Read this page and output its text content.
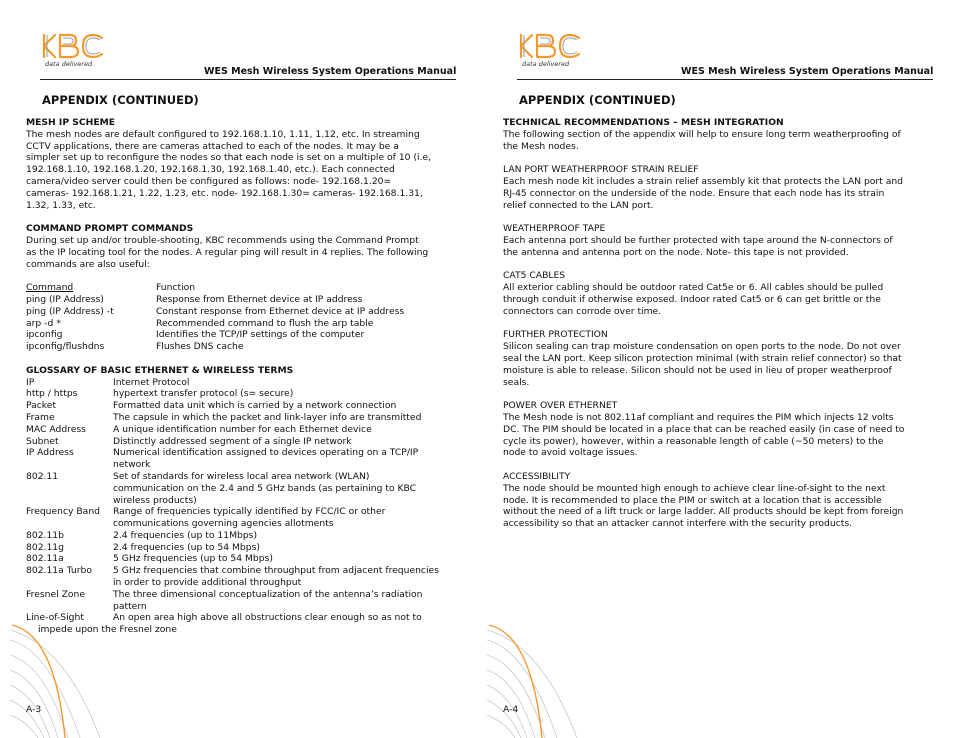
data delivered
WES Mesh Wireless System Operations Manual
APPENDIX (CONTINUED)
MESH IP SCHEME

The mesh nodes are default configured to 192.168.1.10, 1.11, 1.12, etc. In streaming

CCTV applications, there are cameras attached to each of the nodes. It may be a

simpler set up to reconfigure the nodes so that each node is set on a multiple of 10 (i.e,

192.168.1.10, 192.168.1.20, 192.168.1.30, 192.168.1.40, etc.). Each connected

camera/video server could then be configured as follows: node- 192.168.1.20=

cameras- 192.168.1.21, 1.22, 1.23, etc. node- 192.168.1.30= cameras- 192.168.1.31,

1.32, 1.33, etc.

COMMAND PROMPT COMMANDS

During set up and/or trouble-shooting, KBC recommends using the Command Prompt

as the IP locating tool for the nodes. A regular ping will result in 4 replies. The following

commands are also useful:

Command	Function
ping (IP Address)	Response from Ethernet device at IP address
ping (IP Address) -t	Constant response from Ethernet device at IP address
arp -d *	Recommended command to flush the arp table
ipconfig	Identifies the TCP/IP settings of the computer
ipconfig/flushdns	Flushes DNS cache
GLOSSARY OF BASIC ETHERNET & WIRELESS TERMS
IP	Internet Protocol
http / https	hypertext transfer protocol (s= secure)
Packet	Formatted data unit which is carried by a network connection
Frame	The capsule in which the packet and link-layer info are transmitted
MAC Address	A unique identification number for each Ethernet device
Subnet	Distinctly addressed segment of a single IP network
IP Address	Numerical identification assigned to devices operating on a TCP/IP network
802.11	Set of standards for wireless local area network (WLAN) communication on the 2.4 and 5 GHz bands (as pertaining to KBC wireless products)
Frequency Band	Range of frequencies typically identified by FCC/IC or other communications governing agencies allotments
802.11b	2.4 frequencies (up to 11Mbps)
802.11g	2.4 frequencies (up to 54 Mbps)
802.11a	5 GHz frequencies (up to 54 Mbps)
802.11a Turbo	5 GHz frequencies that combine throughput from adjacent frequencies in order to provide additional throughput
Fresnel Zone	The three dimensional conceptualization of the antenna’s radiation pattern
Line-of-Sight	An open area high above all obstructions clear enough so as not to

impede upon the Fresnel zone

A-3
data delivered
WES Mesh Wireless System Operations Manual
APPENDIX (CONTINUED)
TECHNICAL RECOMMENDATIONS – MESH INTEGRATION

The following section of the appendix will help to ensure long term weatherproofing of

the Mesh nodes.

LAN PORT WEATHERPROOF STRAIN RELIEF

Each mesh node kit includes a strain relief assembly kit that protects the LAN port and

RJ-45 connector on the underside of the node. Ensure that each node has its strain

relief connected to the LAN port.

WEATHERPROOF TAPE

Each antenna port should be further protected with tape around the N-connectors of

the antenna and antenna port on the node. Note- this tape is not provided.

CAT5 CABLES

All exterior cabling should be outdoor rated Cat5e or 6. All cables should be pulled

through conduit if otherwise exposed. Indoor rated Cat5 or 6 can get brittle or the

connectors can corrode over time.

FURTHER PROTECTION

Silicon sealing can trap moisture condensation on open ports to the node. Do not over

seal the LAN port. Keep silicon protection minimal (with strain relief connector) so that

moisture is able to release. Silicon should not be used in lieu of proper weatherproof

seals.

POWER OVER ETHERNET

The Mesh node is not 802.11af compliant and requires the PIM which injects 12 volts

DC. The PIM should be located in a place that can be reached easily (in case of need to

cycle its power), however, within a reasonable length of cable (~50 meters) to the

node to avoid voltage issues.

ACCESSIBILITY

The node should be mounted high enough to achieve clear line-of-sight to the next

node. It is recommended to place the PIM or switch at a location that is accessible

without the need of a lift truck or large ladder. All products should be kept from foreign

accessibility so that an attacker cannot interfere with the security products.

A-4
